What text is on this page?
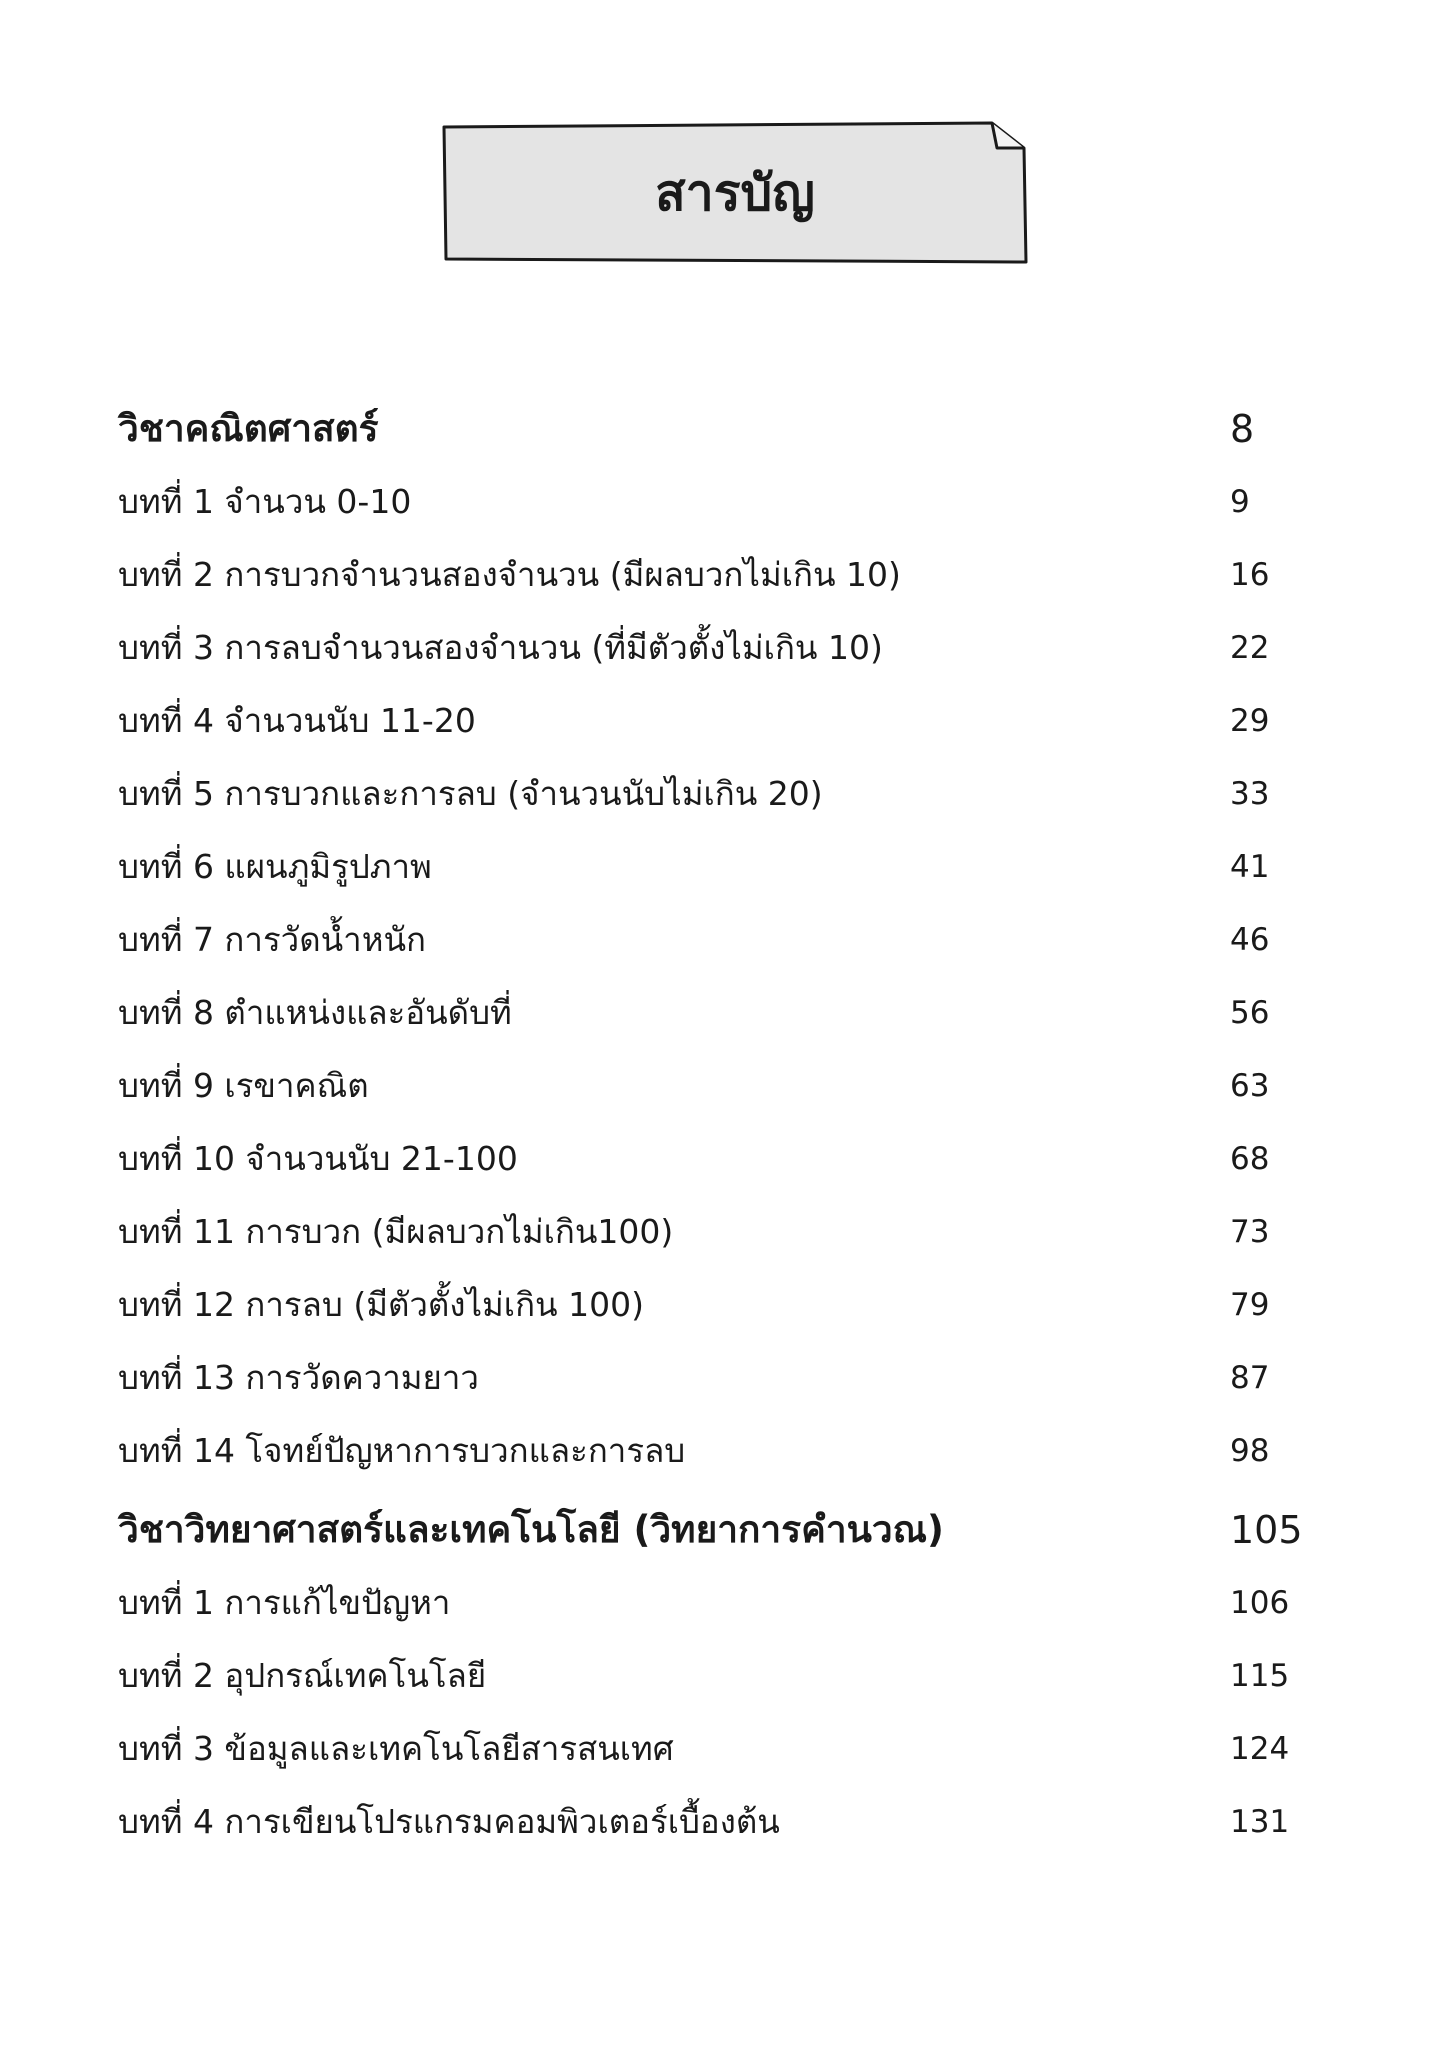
สารบัญ
วิชาคณิตศาสตร์	8
บทที่ 1 จำนวน 0-10	9
บทที่ 2 การบวกจำนวนสองจำนวน (มีผลบวกไม่เกิน 10)	16
บทที่ 3 การลบจำนวนสองจำนวน (ที่มีตัวตั้งไม่เกิน 10)	22
บทที่ 4 จำนวนนับ 11-20	29
บทที่ 5 การบวกและการลบ (จำนวนนับไม่เกิน 20)	33
บทที่ 6 แผนภูมิรูปภาพ	41
บทที่ 7 การวัดน้ำหนัก	46
บทที่ 8 ตำแหน่งและอันดับที่	56
บทที่ 9 เรขาคณิต	63
บทที่ 10 จำนวนนับ 21-100	68
บทที่ 11 การบวก (มีผลบวกไม่เกิน100)	73
บทที่ 12 การลบ (มีตัวตั้งไม่เกิน 100)	79
บทที่ 13 การวัดความยาว	87
บทที่ 14 โจทย์ปัญหาการบวกและการลบ	98
วิชาวิทยาศาสตร์และเทคโนโลยี (วิทยาการคำนวณ)	105
บทที่ 1 การแก้ไขปัญหา	106
บทที่ 2 อุปกรณ์เทคโนโลยี	115
บทที่ 3 ข้อมูลและเทคโนโลยีสารสนเทศ	124
บทที่ 4 การเขียนโปรแกรมคอมพิวเตอร์เบื้องต้น	131
